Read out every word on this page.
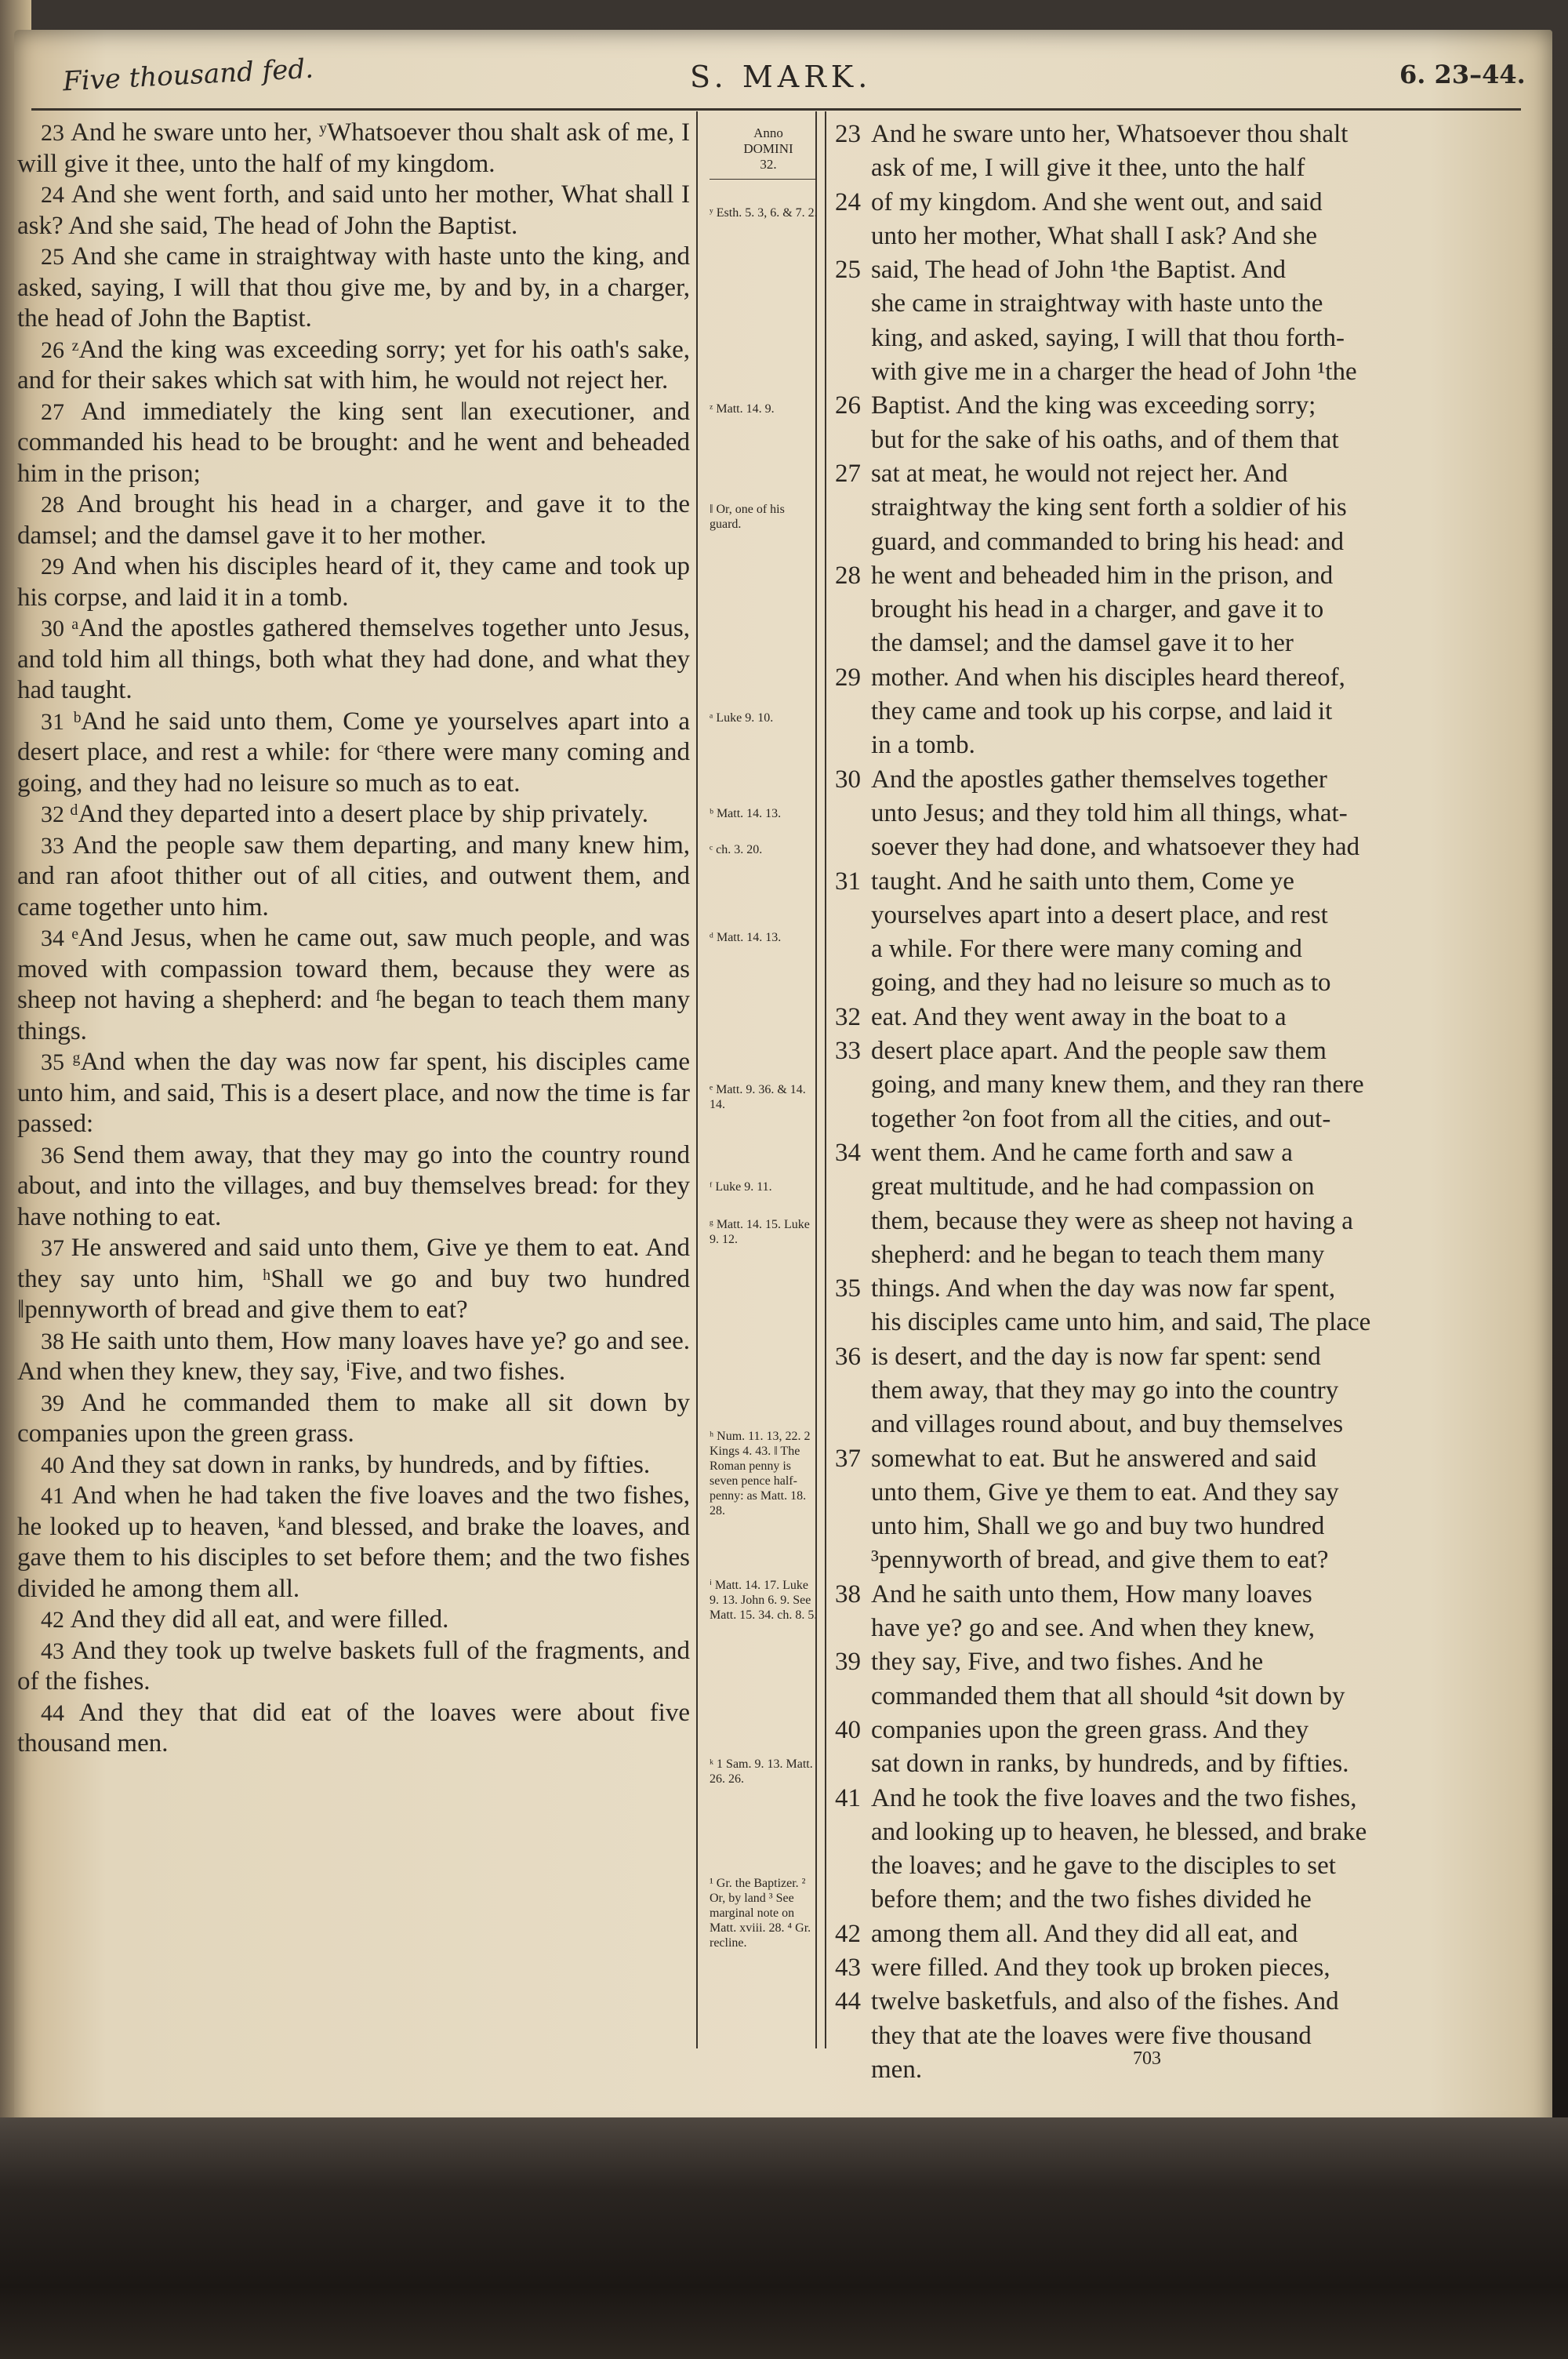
Five thousand fed.	S. MARK.	6. 23–44.
Anno
DOMINI
32.

23 And he sware unto her, ʸWhatsoever thou shalt ask of me, I will give it thee, unto the half of my kingdom.

24 And she went forth, and said unto her mother, What shall I ask? And she said, The head of John the Baptist.

25 And she came in straightway with haste unto the king, and asked, saying, I will that thou give me, by and by, in a charger, the head of John the Baptist.

26 ᶻAnd the king was exceeding sorry; yet for his oath's sake, and for their sakes which sat with him, he would not reject her.

27 And immediately the king sent ‖an executioner, and commanded his head to be brought: and he went and beheaded him in the prison;

28 And brought his head in a charger, and gave it to the damsel; and the damsel gave it to her mother.

29 And when his disciples heard of it, they came and took up his corpse, and laid it in a tomb.

30 ᵃAnd the apostles gathered themselves together unto Jesus, and told him all things, both what they had done, and what they had taught.

31 ᵇAnd he said unto them, Come ye yourselves apart into a desert place, and rest a while: for ᶜthere were many coming and going, and they had no leisure so much as to eat.

32 ᵈAnd they departed into a desert place by ship privately.

33 And the people saw them departing, and many knew him, and ran afoot thither out of all cities, and outwent them, and came together unto him.

34 ᵉAnd Jesus, when he came out, saw much people, and was moved with compassion toward them, because they were as sheep not having a shepherd: and ᶠhe began to teach them many things.

35 ᵍAnd when the day was now far spent, his disciples came unto him, and said, This is a desert place, and now the time is far passed:

36 Send them away, that they may go into the country round about, and into the villages, and buy themselves bread: for they have nothing to eat.

37 He answered and said unto them, Give ye them to eat. And they say unto him, ʰShall we go and buy two hundred ‖pennyworth of bread and give them to eat?

38 He saith unto them, How many loaves have ye? go and see. And when they knew, they say, ⁱFive, and two fishes.

39 And he commanded them to make all sit down by companies upon the green grass.

40 And they sat down in ranks, by hundreds, and by fifties.

41 And when he had taken the five loaves and the two fishes, he looked up to heaven, ᵏand blessed, and brake the loaves, and gave them to his disciples to set before them; and the two fishes divided he among them all.

42 And they did all eat, and were filled.

43 And they took up twelve baskets full of the fragments, and of the fishes.

44 And they that did eat of the loaves were about five thousand men.

ʸ Esth. 5. 3, 6. & 7. 2.
ᶻ Matt. 14. 9.
‖ Or, one of his guard.
ᵃ Luke 9. 10.
ᵇ Matt. 14. 13.
ᶜ ch. 3. 20.
ᵈ Matt. 14. 13.
ᵉ Matt. 9. 36. & 14. 14.
ᶠ Luke 9. 11.
ᵍ Matt. 14. 15. Luke 9. 12.
ʰ Num. 11. 13, 22. 2 Kings 4. 43. ‖ The Roman penny is seven pence half-penny: as Matt. 18. 28.
ⁱ Matt. 14. 17. Luke 9. 13. John 6. 9. See Matt. 15. 34. ch. 8. 5.
ᵏ 1 Sam. 9. 13. Matt. 26. 26.
¹ Gr. the Baptizer. ² Or, by land ³ See marginal note on Matt. xviii. 28. ⁴ Gr. recline.
23 And he sware unto her, Whatsoever thou shalt
ask of me, I will give it thee, unto the half
24 of my kingdom. And she went out, and said
unto her mother, What shall I ask? And she
25 said, The head of John ¹the Baptist. And
she came in straightway with haste unto the
king, and asked, saying, I will that thou forth-
with give me in a charger the head of John ¹the
26 Baptist. And the king was exceeding sorry;
but for the sake of his oaths, and of them that
27 sat at meat, he would not reject her. And
straightway the king sent forth a soldier of his
guard, and commanded to bring his head: and
28 he went and beheaded him in the prison, and
brought his head in a charger, and gave it to
the damsel; and the damsel gave it to her
29 mother. And when his disciples heard thereof,
they came and took up his corpse, and laid it
in a tomb.
30 And the apostles gather themselves together
unto Jesus; and they told him all things, what-
soever they had done, and whatsoever they had
31 taught. And he saith unto them, Come ye
yourselves apart into a desert place, and rest
a while. For there were many coming and
going, and they had no leisure so much as to
32 eat. And they went away in the boat to a
33 desert place apart. And the people saw them
going, and many knew them, and they ran there
together ²on foot from all the cities, and out-
34 went them. And he came forth and saw a
great multitude, and he had compassion on
them, because they were as sheep not having a
shepherd: and he began to teach them many
35 things. And when the day was now far spent,
his disciples came unto him, and said, The place
36 is desert, and the day is now far spent: send
them away, that they may go into the country
and villages round about, and buy themselves
37 somewhat to eat. But he answered and said
unto them, Give ye them to eat. And they say
unto him, Shall we go and buy two hundred
³pennyworth of bread, and give them to eat?
38 And he saith unto them, How many loaves
have ye? go and see. And when they knew,
39 they say, Five, and two fishes. And he
commanded them that all should ⁴sit down by
40 companies upon the green grass. And they
sat down in ranks, by hundreds, and by fifties.
41 And he took the five loaves and the two fishes,
and looking up to heaven, he blessed, and brake
the loaves; and he gave to the disciples to set
before them; and the two fishes divided he
42 among them all. And they did all eat, and
43 were filled. And they took up broken pieces,
44 twelve basketfuls, and also of the fishes. And
they that ate the loaves were five thousand
men.	703
